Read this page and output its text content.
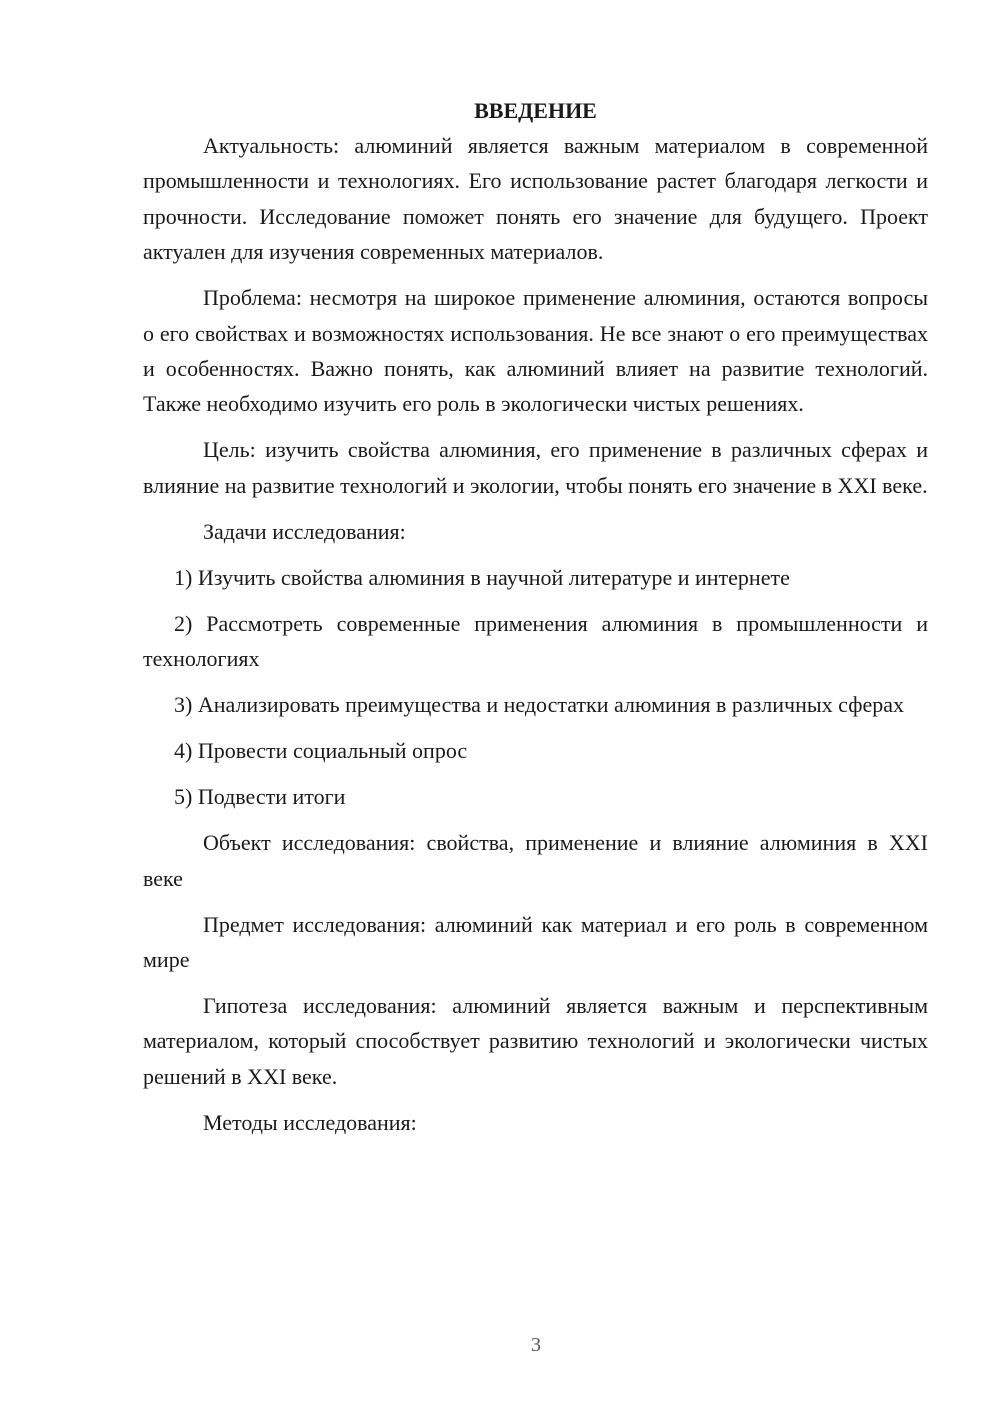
ВВЕДЕНИЕ

Актуальность: алюминий является важным материалом в современной промышленности и технологиях. Его использование растет благодаря легкости и прочности. Исследование поможет понять его значение для будущего. Проект актуален для изучения современных материалов.

Проблема: несмотря на широкое применение алюминия, остаются вопросы о его свойствах и возможностях использования. Не все знают о его преимуществах и особенностях. Важно понять, как алюминий влияет на развитие технологий. Также необходимо изучить его роль в экологически чистых решениях.

Цель: изучить свойства алюминия, его применение в различных сферах и влияние на развитие технологий и экологии, чтобы понять его значение в XXI веке.

Задачи исследования:

1) Изучить свойства алюминия в научной литературе и интернете

2) Рассмотреть современные применения алюминия в промышленности и технологиях

3) Анализировать преимущества и недостатки алюминия в различных сферах

4) Провести социальный опрос

5) Подвести итоги

Объект исследования: свойства, применение и влияние алюминия в XXI веке

Предмет исследования: алюминий как материал и его роль в современном мире

Гипотеза исследования: алюминий является важным и перспективным материалом, который способствует развитию технологий и экологически чистых решений в XXI веке.

Методы исследования:

3
